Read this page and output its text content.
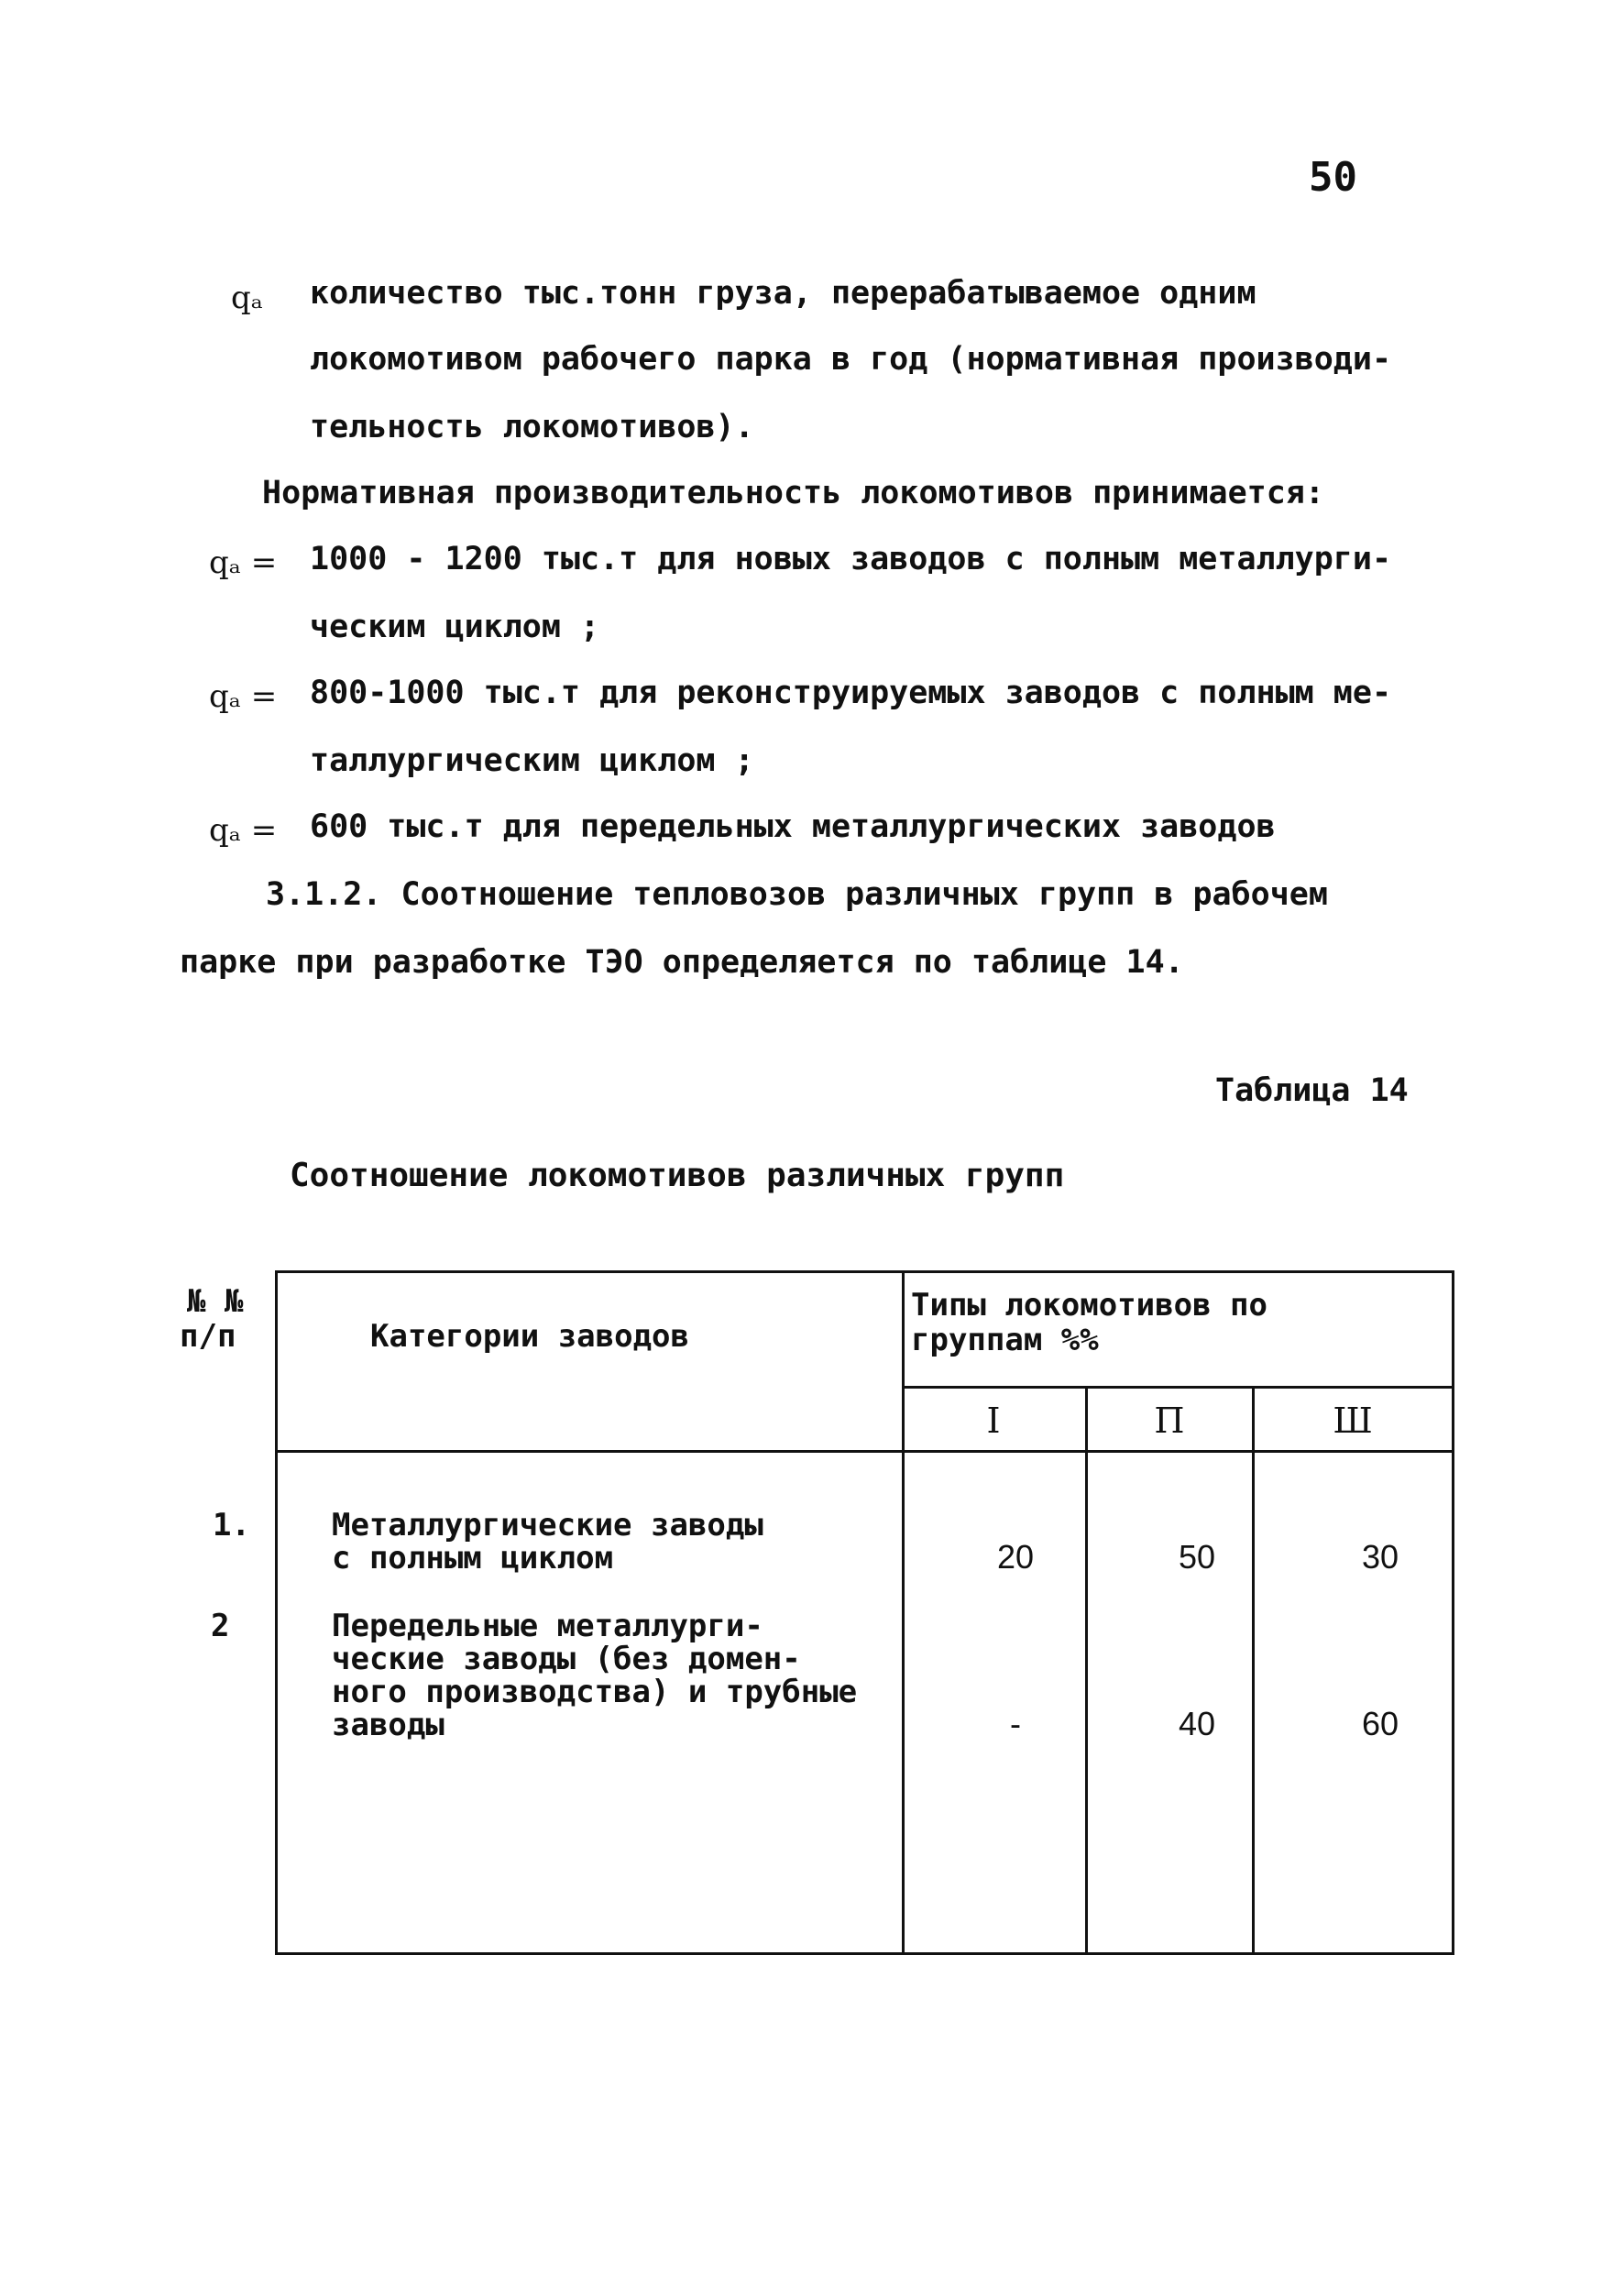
50
qₐ количество тыс.тонн груза, перерабатываемое одним
локомотивом рабочего парка в год (нормативная производи-
тельность локомотивов).
Нормативная производительность локомотивов принимается:
qₐ = 1000 - 1200 тыс.т для новых заводов с полным металлурги-
ческим циклом ;
qₐ = 800-1000 тыс.т для реконструируемых заводов с полным ме-
таллургическим циклом ;
qₐ = 600 тыс.т для передельных металлургических заводов
3.1.2. Соотношение тепловозов различных групп в рабочем
парке при разработке ТЭО определяется по таблице 14.
Таблица 14
Соотношение локомотивов различных групп
№ №
п/п	Категории заводов
Типы локомотивов по
группам %%
I	П	Ш
1.	Металлургические заводы
с полным циклом	20	50	30
2	Передельные металлурги-
ческие заводы (без домен-
ного производства) и трубные
заводы	-	40	60
